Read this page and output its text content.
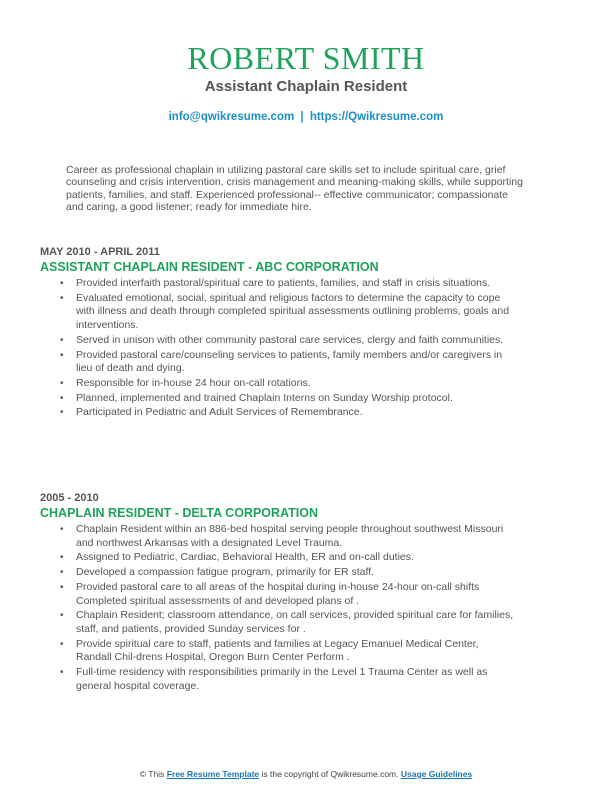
ROBERT SMITH
Assistant Chaplain Resident
info@qwikresume.com | https://Qwikresume.com
Career as professional chaplain in utilizing pastoral care skills set to include spiritual care, grief counseling and crisis intervention, crisis management and meaning-making skills, while supporting patients, families, and staff. Experienced professional-- effective communicator; compassionate and caring, a good listener; ready for immediate hire.
MAY 2010 - APRIL 2011
ASSISTANT CHAPLAIN RESIDENT - ABC CORPORATION
• Provided interfaith pastoral/spiritual care to patients, families, and staff in crisis situations.
• Evaluated emotional, social, spiritual and religious factors to determine the capacity to cope with illness and death through completed spiritual assessments outlining problems, goals and interventions.
• Served in unison with other community pastoral care services, clergy and faith communities.
• Provided pastoral care/counseling services to patients, family members and/or caregivers in lieu of death and dying.
• Responsible for in-house 24 hour on-call rotations.
• Planned, implemented and trained Chaplain Interns on Sunday Worship protocol.
• Participated in Pediatric and Adult Services of Remembrance.
2005 - 2010
CHAPLAIN RESIDENT - DELTA CORPORATION
• Chaplain Resident within an 886-bed hospital serving people throughout southwest Missouri and northwest Arkansas with a designated Level Trauma.
• Assigned to Pediatric, Cardiac, Behavioral Health, ER and on-call duties.
• Developed a compassion fatigue program, primarily for ER staff.
• Provided pastoral care to all areas of the hospital during in-house 24-hour on-call shifts Completed spiritual assessments of and developed plans of .
• Chaplain Resident; classroom attendance, on call services, provided spiritual care for families, staff, and patients, provided Sunday services for .
• Provide spiritual care to staff, patients and families at Legacy Emanuel Medical Center, Randall Chil-drens Hospital, Oregon Burn Center Perform .
• Full-time residency with responsibilities primarily in the Level 1 Trauma Center as well as general hospital coverage.
© This Free Resume Template is the copyright of Qwikresume.com. Usage Guidelines
